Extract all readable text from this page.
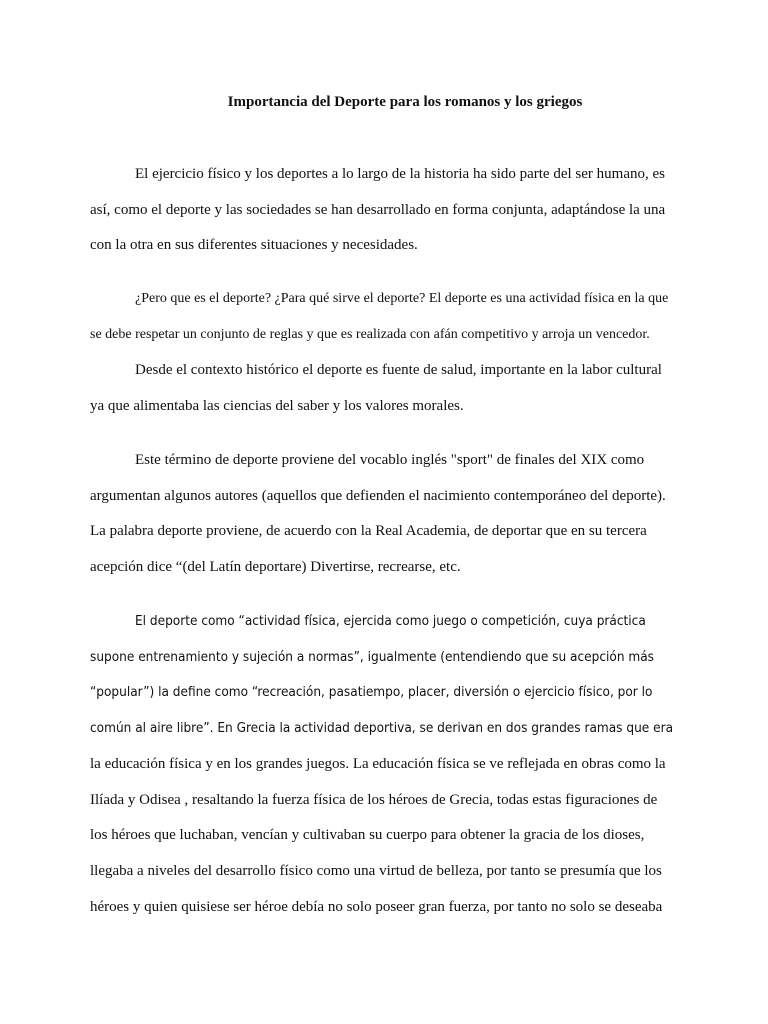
Importancia del Deporte para los romanos y los griegos
El ejercicio físico y los deportes a lo largo de la historia ha sido parte del ser humano, es
así, como el deporte y las sociedades se han desarrollado en forma conjunta, adaptándose la una
con la otra en sus diferentes situaciones y necesidades.
¿Pero que es el deporte? ¿Para qué sirve el deporte? El deporte es una actividad física en la que
se debe respetar un conjunto de reglas y que es realizada con afán competitivo y arroja un vencedor.
Desde el contexto histórico el deporte es fuente de salud, importante en la labor cultural
ya que alimentaba las ciencias del saber y los valores morales.
Este término de deporte proviene del vocablo inglés "sport" de finales del XIX como
argumentan algunos autores (aquellos que defienden el nacimiento contemporáneo del deporte).
La palabra deporte proviene, de acuerdo con la Real Academia, de deportar que en su tercera
acepción dice “(del Latín deportare) Divertirse, recrearse, etc.
El deporte como “actividad física, ejercida como juego o competición, cuya práctica
supone entrenamiento y sujeción a normas”, igualmente (entendiendo que su acepción más
“popular”) la define como “recreación, pasatiempo, placer, diversión o ejercicio físico, por lo
común al aire libre”. En Grecia la actividad deportiva, se derivan en dos grandes ramas que era
la educación física y en los grandes juegos. La educación física se ve reflejada en obras como la
Ilíada y Odisea , resaltando la fuerza física de los héroes de Grecia, todas estas figuraciones de
los héroes que luchaban, vencían y cultivaban su cuerpo para obtener la gracia de los dioses,
llegaba a niveles del desarrollo físico como una virtud de belleza, por tanto se presumía que los
héroes y quien quisiese ser héroe debía no solo poseer gran fuerza, por tanto no solo se deseaba
